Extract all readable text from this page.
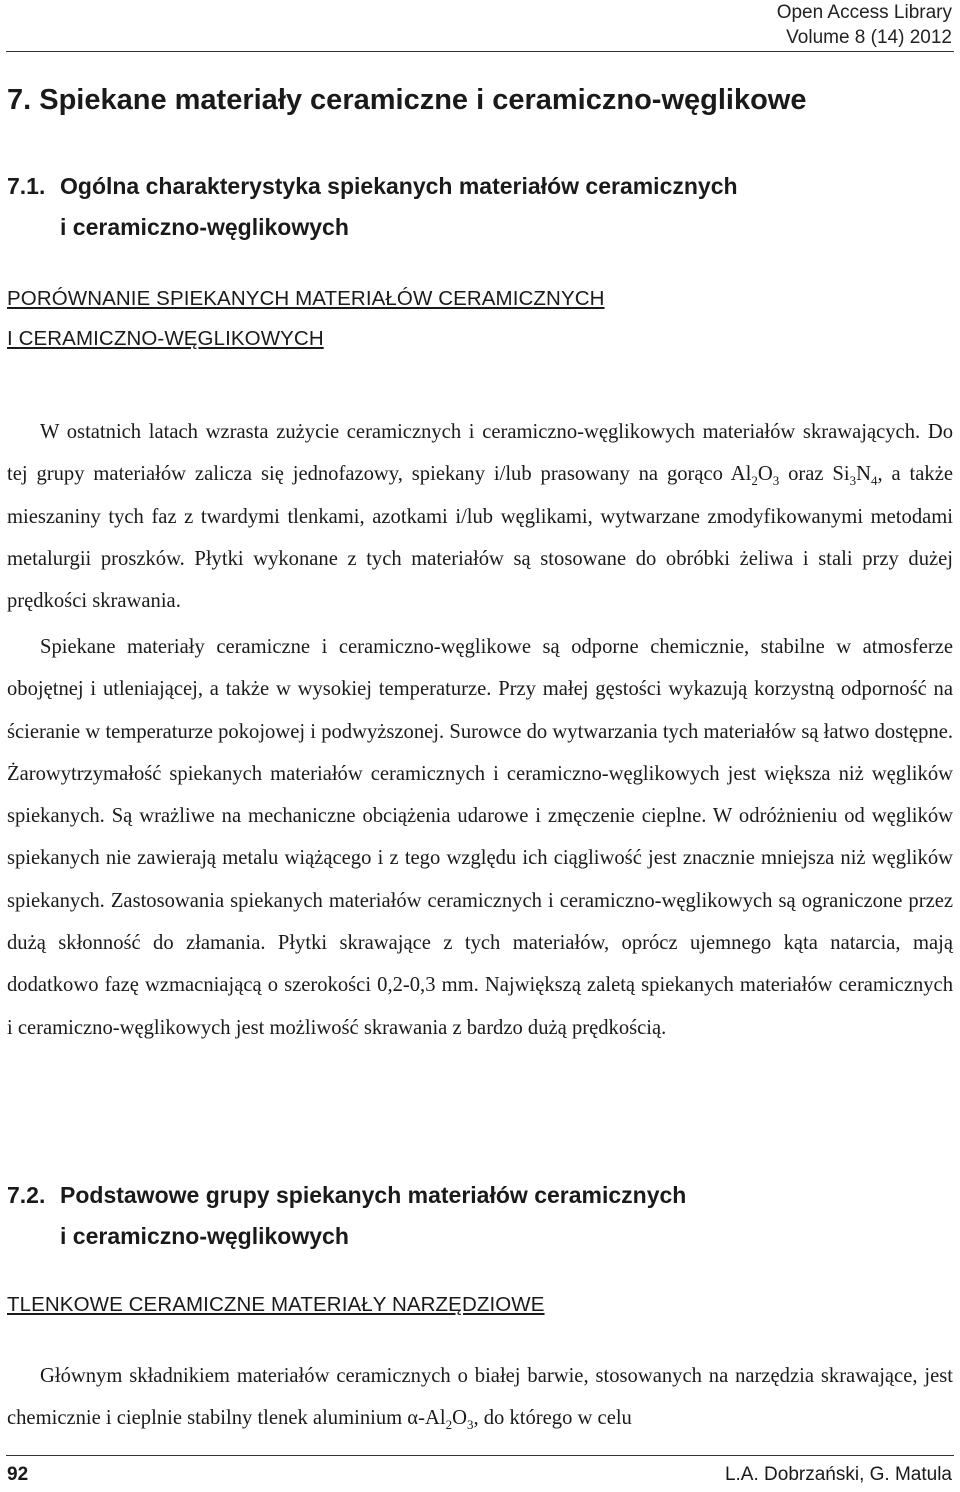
Open Access Library
Volume 8 (14) 2012
7. Spiekane materiały ceramiczne i ceramiczno-węglikowe
7.1. Ogólna charakterystyka spiekanych materiałów ceramicznych
i ceramiczno-węglikowych
PORÓWNANIE SPIEKANYCH MATERIAŁÓW CERAMICZNYCH
I CERAMICZNO-WĘGLIKOWYCH
W ostatnich latach wzrasta zużycie ceramicznych i ceramiczno-węglikowych materiałów skrawających. Do tej grupy materiałów zalicza się jednofazowy, spiekany i/lub prasowany na gorąco $Al_2O_3$ oraz $Si_3N_4$, a także mieszaniny tych faz z twardymi tlenkami, azotkami i/lub węglikami, wytwarzane zmodyfikowanymi metodami metalurgii proszków. Płytki wykonane z tych materiałów są stosowane do obróbki żeliwa i stali przy dużej prędkości skrawania.
Spiekane materiały ceramiczne i ceramiczno-węglikowe są odporne chemicznie, stabilne w atmosferze obojętnej i utleniającej, a także w wysokiej temperaturze. Przy małej gęstości wykazują korzystną odporność na ścieranie w temperaturze pokojowej i podwyższonej. Surowce do wytwarzania tych materiałów są łatwo dostępne. Żarowytrzymałość spiekanych materiałów ceramicznych i ceramiczno-węglikowych jest większa niż węglików spiekanych. Są wrażliwe na mechaniczne obciążenia udarowe i zmęczenie cieplne. W odróżnieniu od węglików spiekanych nie zawierają metalu wiążącego i z tego względu ich ciągliwość jest znacznie mniejsza niż węglików spiekanych. Zastosowania spiekanych materiałów ceramicznych i ceramiczno-węglikowych są ograniczone przez dużą skłonność do złamania. Płytki skrawające z tych materiałów, oprócz ujemnego kąta natarcia, mają dodatkowo fazę wzmacniającą o szerokości 0,2-0,3 mm. Największą zaletą spiekanych materiałów ceramicznych i ceramiczno-węglikowych jest możliwość skrawania z bardzo dużą prędkością.
7.2. Podstawowe grupy spiekanych materiałów ceramicznych
i ceramiczno-węglikowych
TLENKOWE CERAMICZNE MATERIAŁY NARZĘDZIOWE
Głównym składnikiem materiałów ceramicznych o białej barwie, stosowanych na narzędzia skrawające, jest chemicznie i cieplnie stabilny tlenek aluminium $\alpha-Al_2O_3$, do którego w celu
92	L.A. Dobrzański, G. Matula
